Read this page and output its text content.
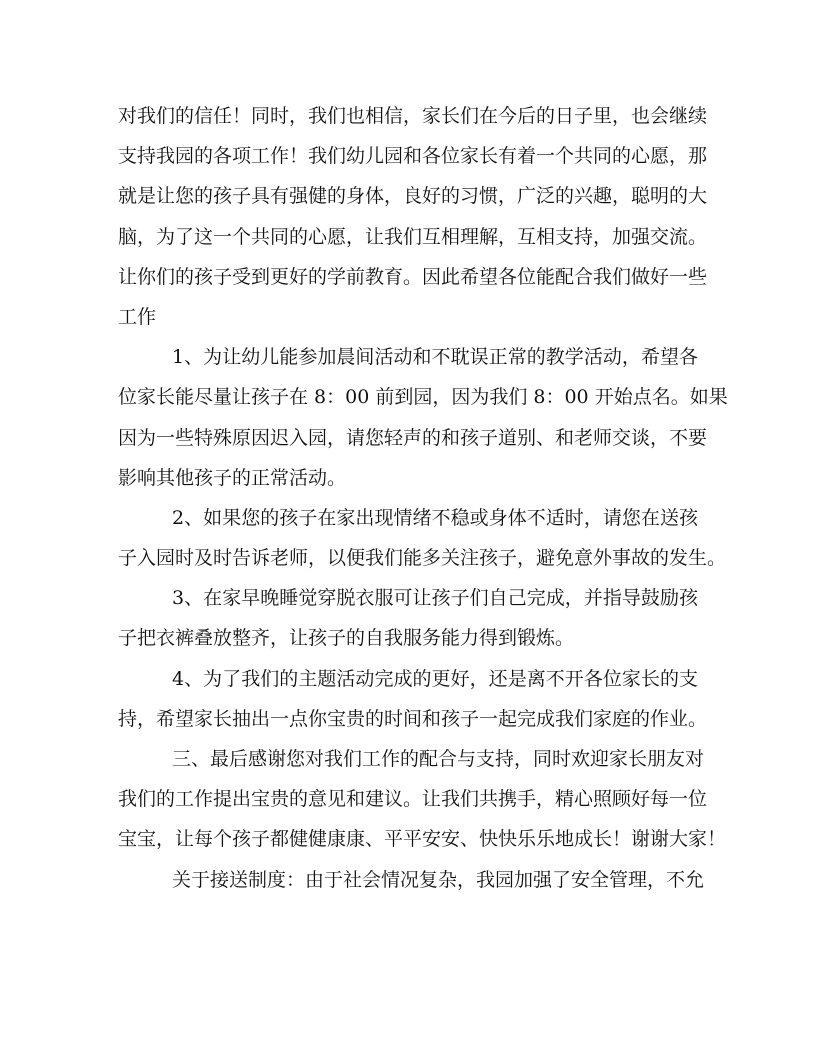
对我们的信任！同时，我们也相信，家长们在今后的日子里，也会继续
支持我园的各项工作！我们幼儿园和各位家长有着一个共同的心愿，那
就是让您的孩子具有强健的身体，良好的习惯，广泛的兴趣，聪明的大
脑，为了这一个共同的心愿，让我们互相理解，互相支持，加强交流。
让你们的孩子受到更好的学前教育。因此希望各位能配合我们做好一些
工作
1、为让幼儿能参加晨间活动和不耽误正常的教学活动，希望各
位家长能尽量让孩子在 8：00 前到园，因为我们 8：00 开始点名。如果
因为一些特殊原因迟入园，请您轻声的和孩子道别、和老师交谈，不要
影响其他孩子的正常活动。
2、如果您的孩子在家出现情绪不稳或身体不适时，请您在送孩
子入园时及时告诉老师，以便我们能多关注孩子，避免意外事故的发生。
3、在家早晚睡觉穿脱衣服可让孩子们自己完成，并指导鼓励孩
子把衣裤叠放整齐，让孩子的自我服务能力得到锻炼。
4、为了我们的主题活动完成的更好，还是离不开各位家长的支
持，希望家长抽出一点你宝贵的时间和孩子一起完成我们家庭的作业。
三、最后感谢您对我们工作的配合与支持，同时欢迎家长朋友对
我们的工作提出宝贵的意见和建议。让我们共携手，精心照顾好每一位
宝宝，让每个孩子都健健康康、平平安安、快快乐乐地成长！谢谢大家！
关于接送制度：由于社会情况复杂，我园加强了安全管理，不允
